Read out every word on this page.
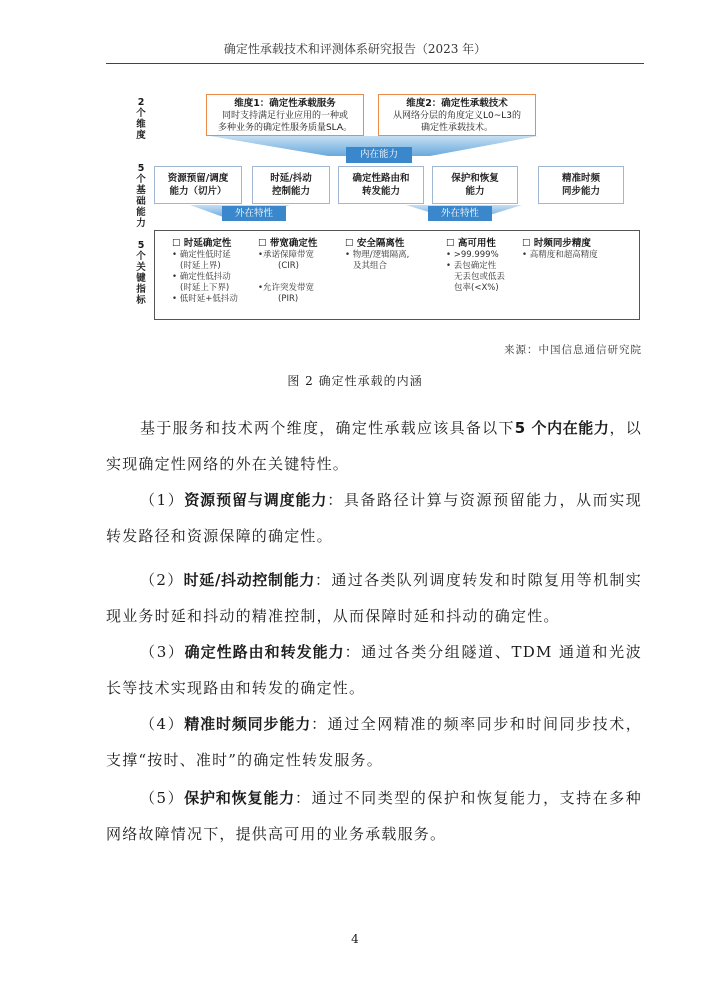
确定性承载技术和评测体系研究报告（2023 年）
2
个
维
度
5
个
基
础
能
力
5
个
关
键
指
标
维度1：确定性承载服务
同时支持满足行业应用的一种或
多种业务的确定性服务质量SLA。
维度2：确定性承载技术
从网络分层的角度定义L0~L3的
确定性承载技术。
内在能力
资源预留/调度
能力（切片）
时延/抖动
控制能力
确定性路由和
转发能力
保护和恢复
能力
精准时频
同步能力
外在特性	外在特性
☐ 时延确定性
• 确定性低时延
(时延上界)
• 确定性低抖动
(时延上下界)
• 低时延+低抖动
☐ 带宽确定性
•承诺保障带宽
(CIR)
•允许突发带宽
(PIR)
☐ 安全隔离性
• 物理/逻辑隔离,
及其组合
☐ 高可用性
• >99.999%
• 丢包确定性
无丢包或低丢
包率(<X%)
☐ 时频同步精度
• 高精度和超高精度
来源：中国信息通信研究院
图 2 确定性承载的内涵
基于服务和技术两个维度，确定性承载应该具备以下5 个内在能力，以实现确定性网络的外在关键特性。
（1）资源预留与调度能力：具备路径计算与资源预留能力，从而实现转发路径和资源保障的确定性。
（2）时延/抖动控制能力：通过各类队列调度转发和时隙复用等机制实现业务时延和抖动的精准控制，从而保障时延和抖动的确定性。
（3）确定性路由和转发能力：通过各类分组隧道、TDM 通道和光波长等技术实现路由和转发的确定性。
（4）精准时频同步能力：通过全网精准的频率同步和时间同步技术，支撑“按时、准时”的确定性转发服务。
（5）保护和恢复能力：通过不同类型的保护和恢复能力，支持在多种网络故障情况下，提供高可用的业务承载服务。
4
